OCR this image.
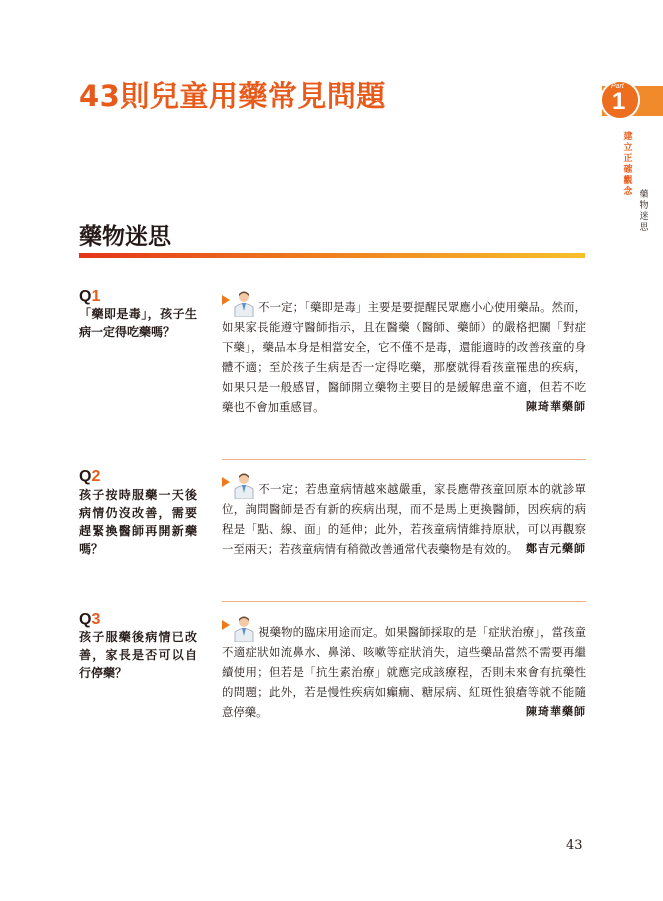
43則兒童用藥常見問題	Part
1
建立正確觀念 藥物迷思
藥物迷思
Q1
「藥即是毒」，孩子生病一定得吃藥嗎？
不一定；「藥即是毒」主要是要提醒民眾應小心使用藥品。然而，如果家長能遵守醫師指示，且在醫藥（醫師、藥師）的嚴格把關「對症下藥」，藥品本身是相當安全，它不僅不是毒，還能適時的改善孩童的身體不適；至於孩子生病是否一定得吃藥，那麼就得看孩童罹患的疾病，如果只是一般感冒，醫師開立藥物主要目的是緩解患童不適，但若不吃藥也不會加重感冒。	陳琦華藥師
Q2
孩子按時服藥一天後病情仍沒改善，需要趕緊換醫師再開新藥嗎？
不一定；若患童病情越來越嚴重，家長應帶孩童回原本的就診單位，詢問醫師是否有新的疾病出現，而不是馬上更換醫師，因疾病的病程是「點、線、面」的延伸；此外，若孩童病情維持原狀，可以再觀察一至兩天；若孩童病情有稍微改善通常代表藥物是有效的。 鄭吉元藥師
Q3
孩子服藥後病情已改善，家長是否可以自行停藥？
視藥物的臨床用途而定。如果醫師採取的是「症狀治療」，當孩童不適症狀如流鼻水、鼻涕、咳嗽等症狀消失，這些藥品當然不需要再繼續使用；但若是「抗生素治療」就應完成該療程，否則未來會有抗藥性的問題；此外，若是慢性疾病如癲癇、糖尿病、紅斑性狼瘡等就不能隨意停藥。	陳琦華藥師
43
